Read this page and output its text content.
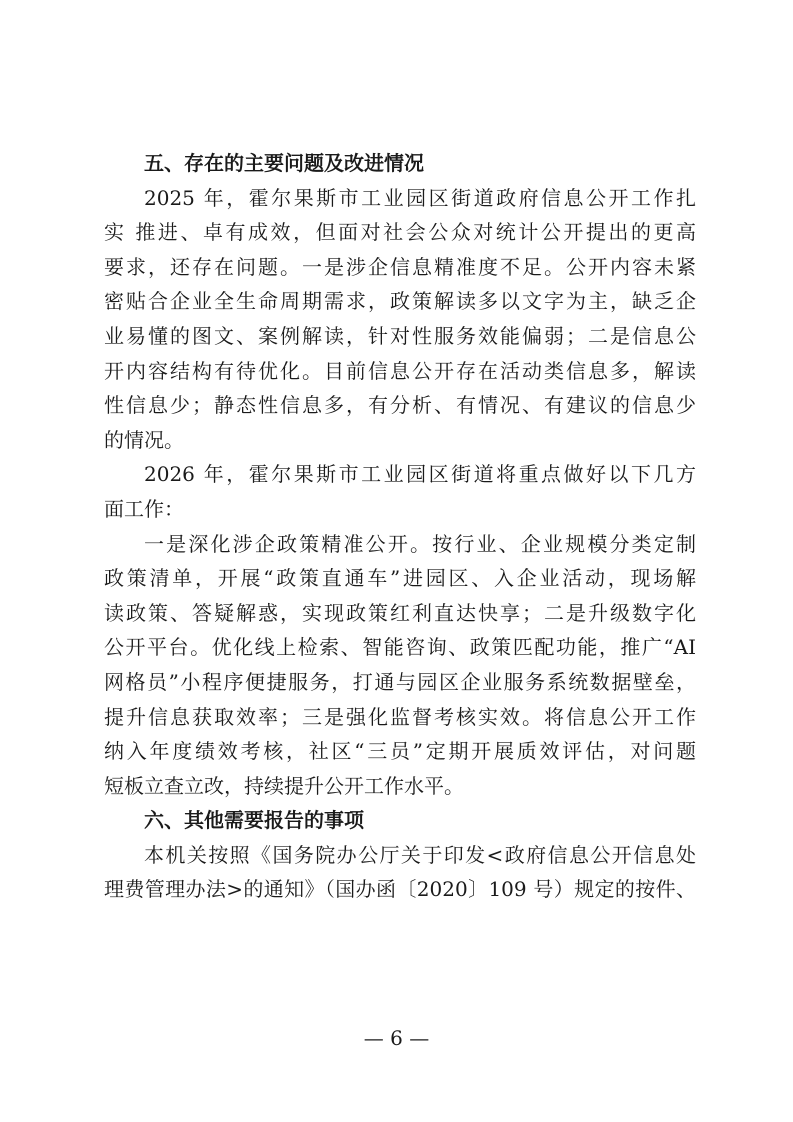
五、存在的主要问题及改进情况
2025 年，霍尔果斯市工业园区街道政府信息公开工作扎
实 推进、卓有成效，但面对社会公众对统计公开提出的更高
要求，还存在问题。一是涉企信息精准度不足。公开内容未紧
密贴合企业全生命周期需求，政策解读多以文字为主，缺乏企
业易懂的图文、案例解读，针对性服务效能偏弱；二是信息公
开内容结构有待优化。目前信息公开存在活动类信息多，解读
性信息少；静态性信息多，有分析、有情况、有建议的信息少
的情况。
2026 年，霍尔果斯市工业园区街道将重点做好以下几方
面工作：
一是深化涉企政策精准公开。按行业、企业规模分类定制
政策清单，开展“政策直通车”进园区、入企业活动，现场解
读政策、答疑解惑，实现政策红利直达快享；二是升级数字化
公开平台。优化线上检索、智能咨询、政策匹配功能，推广“AI
网格员”小程序便捷服务，打通与园区企业服务系统数据壁垒，
提升信息获取效率；三是强化监督考核实效。将信息公开工作
纳入年度绩效考核，社区“三员”定期开展质效评估，对问题
短板立查立改，持续提升公开工作水平。
六、其他需要报告的事项
本机关按照《国务院办公厅关于印发<政府信息公开信息处
理费管理办法>的通知》（国办函〔2020〕109 号）规定的按件、
— 6 —
